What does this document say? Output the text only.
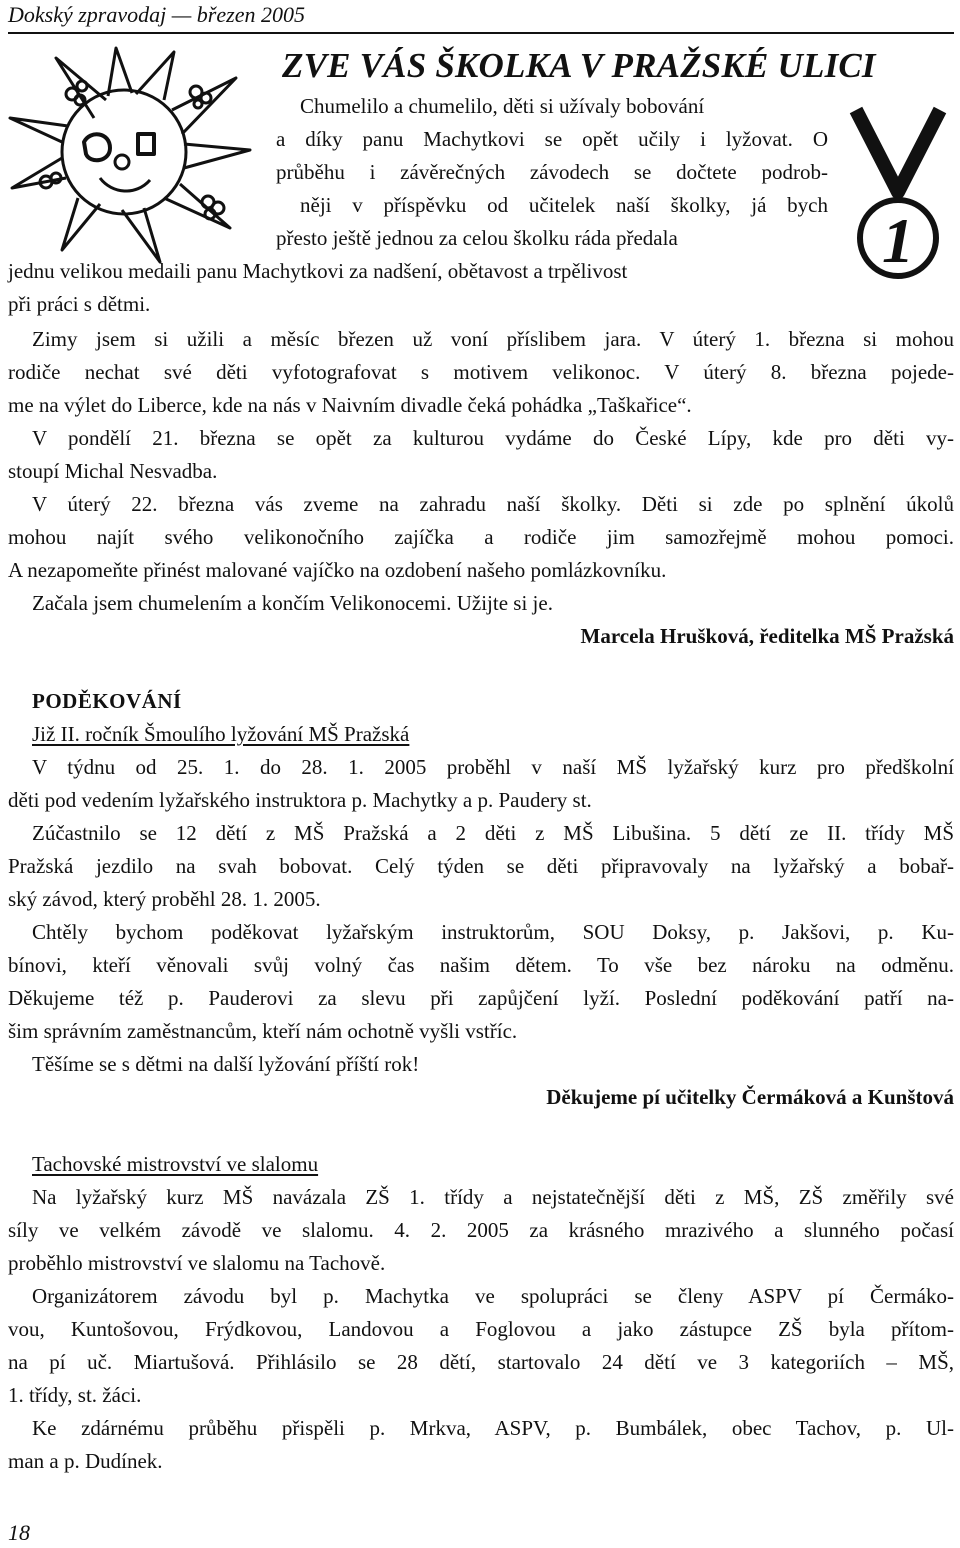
Dokský zpravodaj — březen 2005
1
ZVE VÁS ŠKOLKA V PRAŽSKÉ ULICI
Chumelilo a chumelilo, děti si užívaly bobování
a díky panu Machytkovi se opět učily i lyžovat. O
průběhu i závěrečných závodech se dočtete podrob-
něji v příspěvku od učitelek naší školky, já bych
přesto ještě jednou za celou školku ráda předala
jednu velikou medaili panu Machytkovi za nadšení, obětavost a trpělivost
při práci s dětmi.
Zimy jsem si užili a měsíc březen už voní příslibem jara. V úterý 1. března si mohou
rodiče nechat své děti vyfotografovat s motivem velikonoc. V úterý 8. března pojede-
me na výlet do Liberce, kde na nás v Naivním divadle čeká pohádka „Taškařice“.
V pondělí 21. března se opět za kulturou vydáme do České Lípy, kde pro děti vy-
stoupí Michal Nesvadba.
V úterý 22. března vás zveme na zahradu naší školky. Děti si zde po splnění úkolů
mohou najít svého velikonočního zajíčka a rodiče jim samozřejmě mohou pomoci.
A nezapomeňte přinést malované vajíčko na ozdobení našeho pomlázkovníku.
Začala jsem chumelením a končím Velikonocemi. Užijte si je.
Marcela Hrušková, ředitelka MŠ Pražská
PODĚKOVÁNÍ
Již II. ročník Šmoulího lyžování MŠ Pražská
V týdnu od 25. 1. do 28. 1. 2005 proběhl v naší MŠ lyžařský kurz pro předškolní
děti pod vedením lyžařského instruktora p. Machytky a p. Paudery st.
Zúčastnilo se 12 dětí z MŠ Pražská a 2 děti z MŠ Libušina. 5 dětí ze II. třídy MŠ
Pražská jezdilo na svah bobovat. Celý týden se děti připravovaly na lyžařský a bobař-
ský závod, který proběhl 28. 1. 2005.
Chtěly bychom poděkovat lyžařským instruktorům, SOU Doksy, p. Jakšovi, p. Ku-
bínovi, kteří věnovali svůj volný čas našim dětem. To vše bez nároku na odměnu.
Děkujeme též p. Pauderovi za slevu při zapůjčení lyží. Poslední poděkování patří na-
šim správním zaměstnancům, kteří nám ochotně vyšli vstříc.
Těšíme se s dětmi na další lyžování příští rok!
Děkujeme pí učitelky Čermáková a Kunštová
Tachovské mistrovství ve slalomu
Na lyžařský kurz MŠ navázala ZŠ 1. třídy a nejstatečnější děti z MŠ, ZŠ změřily své
síly ve velkém závodě ve slalomu. 4. 2. 2005 za krásného mrazivého a slunného počasí
proběhlo mistrovství ve slalomu na Tachově.
Organizátorem závodu byl p. Machytka ve spolupráci se členy ASPV pí Čermáko-
vou, Kuntošovou, Frýdkovou, Landovou a Foglovou a jako zástupce ZŠ byla přítom-
na pí uč. Miartušová. Přihlásilo se 28 dětí, startovalo 24 dětí ve 3 kategoriích – MŠ,
1. třídy, st. žáci.
Ke zdárnému průběhu přispěli p. Mrkva, ASPV, p. Bumbálek, obec Tachov, p. Ul-
man a p. Dudínek.
18
